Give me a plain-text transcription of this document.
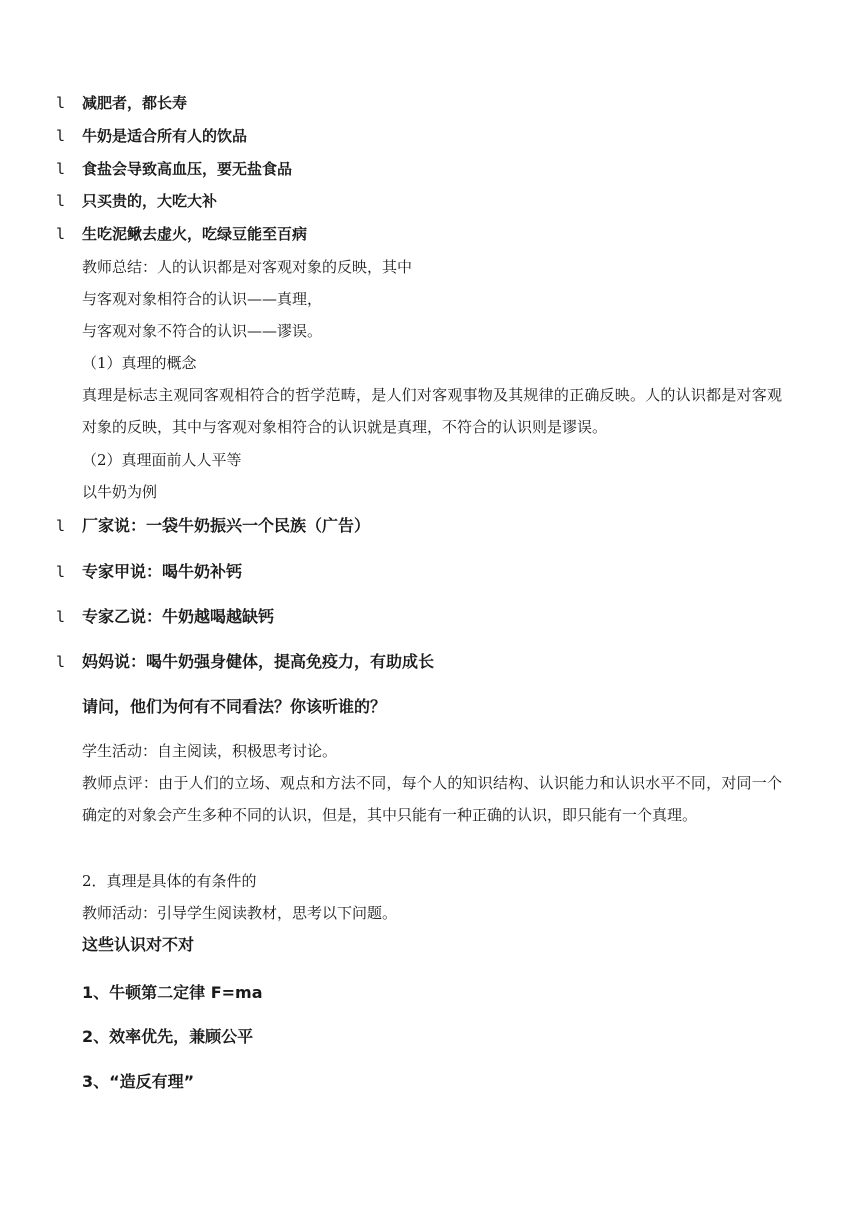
l 减肥者，都长寿
l 牛奶是适合所有人的饮品
l 食盐会导致高血压，要无盐食品
l 只买贵的，大吃大补
l 生吃泥鳅去虚火，吃绿豆能至百病
教师总结：人的认识都是对客观对象的反映，其中
与客观对象相符合的认识——真理，
与客观对象不符合的认识——谬误。
（1）真理的概念
真理是标志主观同客观相符合的哲学范畴，是人们对客观事物及其规律的正确反映。人的认识都是对客观对象的反映，其中与客观对象相符合的认识就是真理，不符合的认识则是谬误。
（2）真理面前人人平等
以牛奶为例
l 厂家说：一袋牛奶振兴一个民族（广告）
l 专家甲说：喝牛奶补钙
l 专家乙说：牛奶越喝越缺钙
l 妈妈说：喝牛奶强身健体，提高免疫力，有助成长
请问，他们为何有不同看法？你该听谁的？
学生活动：自主阅读，积极思考讨论。
教师点评：由于人们的立场、观点和方法不同，每个人的知识结构、认识能力和认识水平不同，对同一个确定的对象会产生多种不同的认识，但是，其中只能有一种正确的认识，即只能有一个真理。
2．真理是具体的有条件的
教师活动：引导学生阅读教材，思考以下问题。
这些认识对不对
1、牛顿第二定律 F=ma
2、效率优先，兼顾公平
3、“造反有理”
